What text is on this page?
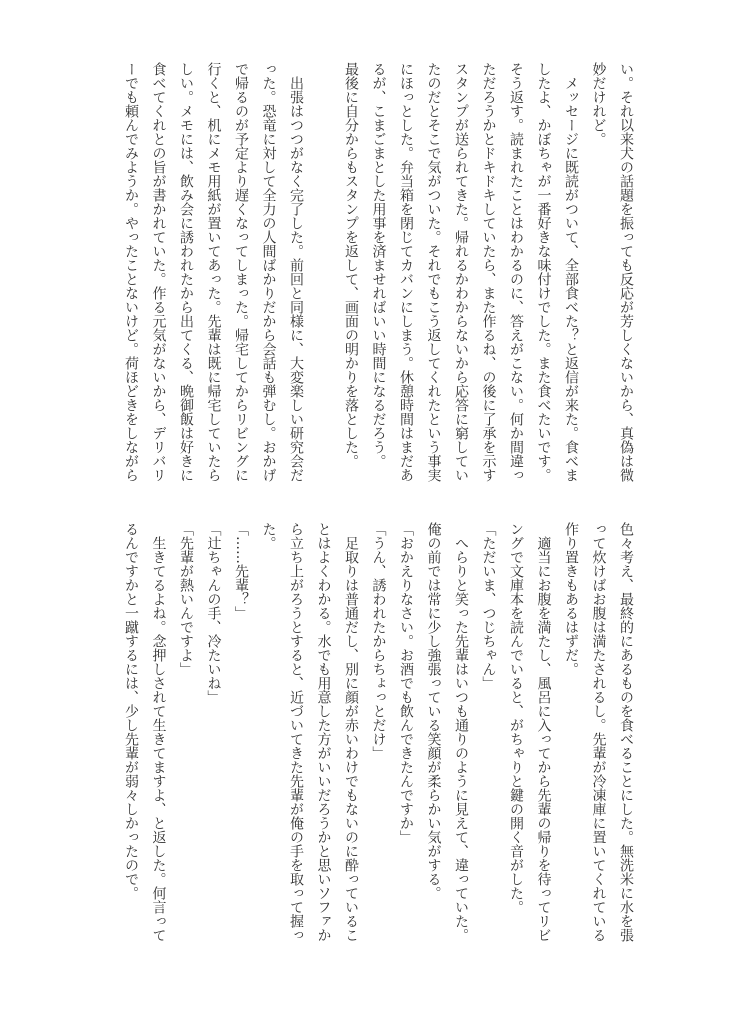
い。それ以来犬の話題を振っても反応が芳しくないから、真偽は微
妙だけれど。
　メッセージに既読がついて、全部食べた？と返信が来た。食べま
したよ、かぼちゃが一番好きな味付けでした。また食べたいです。
そう返す。読まれたことはわかるのに、答えがこない。何か間違っ
ただろうかとドキドキしていたら、また作るね、の後に了承を示す
スタンプが送られてきた。帰れるかわからないから応答に窮してい
たのだとそこで気がついた。それでもこう返してくれたという事実
にほっとした。弁当箱を閉じてカバンにしまう。休憩時間はまだあ
るが、こまごまとした用事を済ませればいい時間になるだろう。
最後に自分からもスタンプを返して、画面の明かりを落とした。
　出張はつつがなく完了した。前回と同様に、大変楽しい研究会だ
った。恐竜に対して全力の人間ばかりだから会話も弾むし。おかげ
で帰るのが予定より遅くなってしまった。帰宅してからリビングに
行くと、机にメモ用紙が置いてあった。先輩は既に帰宅していたら
しい。メモには、飲み会に誘われたから出てくる、晩御飯は好きに
食べてくれとの旨が書かれていた。作る元気がないから、デリバリ
ーでも頼んでみようか。やったことないけど。荷ほどきをしながら
色々考え、最終的にあるものを食べることにした。無洗米に水を張
って炊けばお腹は満たされるし。先輩が冷凍庫に置いてくれている
作り置きもあるはずだ。
　適当にお腹を満たし、風呂に入ってから先輩の帰りを待ってリビ
ングで文庫本を読んでいると、がちゃりと鍵の開く音がした。
「ただいま、つじちゃん」
　へらりと笑った先輩はいつも通りのように見えて、違っていた。
俺の前では常に少し強張っている笑顔が柔らかい気がする。
「おかえりなさい。お酒でも飲んできたんですか」
「うん、誘われたからちょっとだけ」
　足取りは普通だし、別に顔が赤いわけでもないのに酔っているこ
とはよくわかる。水でも用意した方がいいだろうかと思いソファか
ら立ち上がろうとすると、近づいてきた先輩が俺の手を取って握っ
た。
「……先輩？」
「辻ちゃんの手、冷たいね」
「先輩が熱いんですよ」
　生きてるよね。念押しされて生きてますよ、と返した。何言って
るんですかと一蹴するには、少し先輩が弱々しかったので。
